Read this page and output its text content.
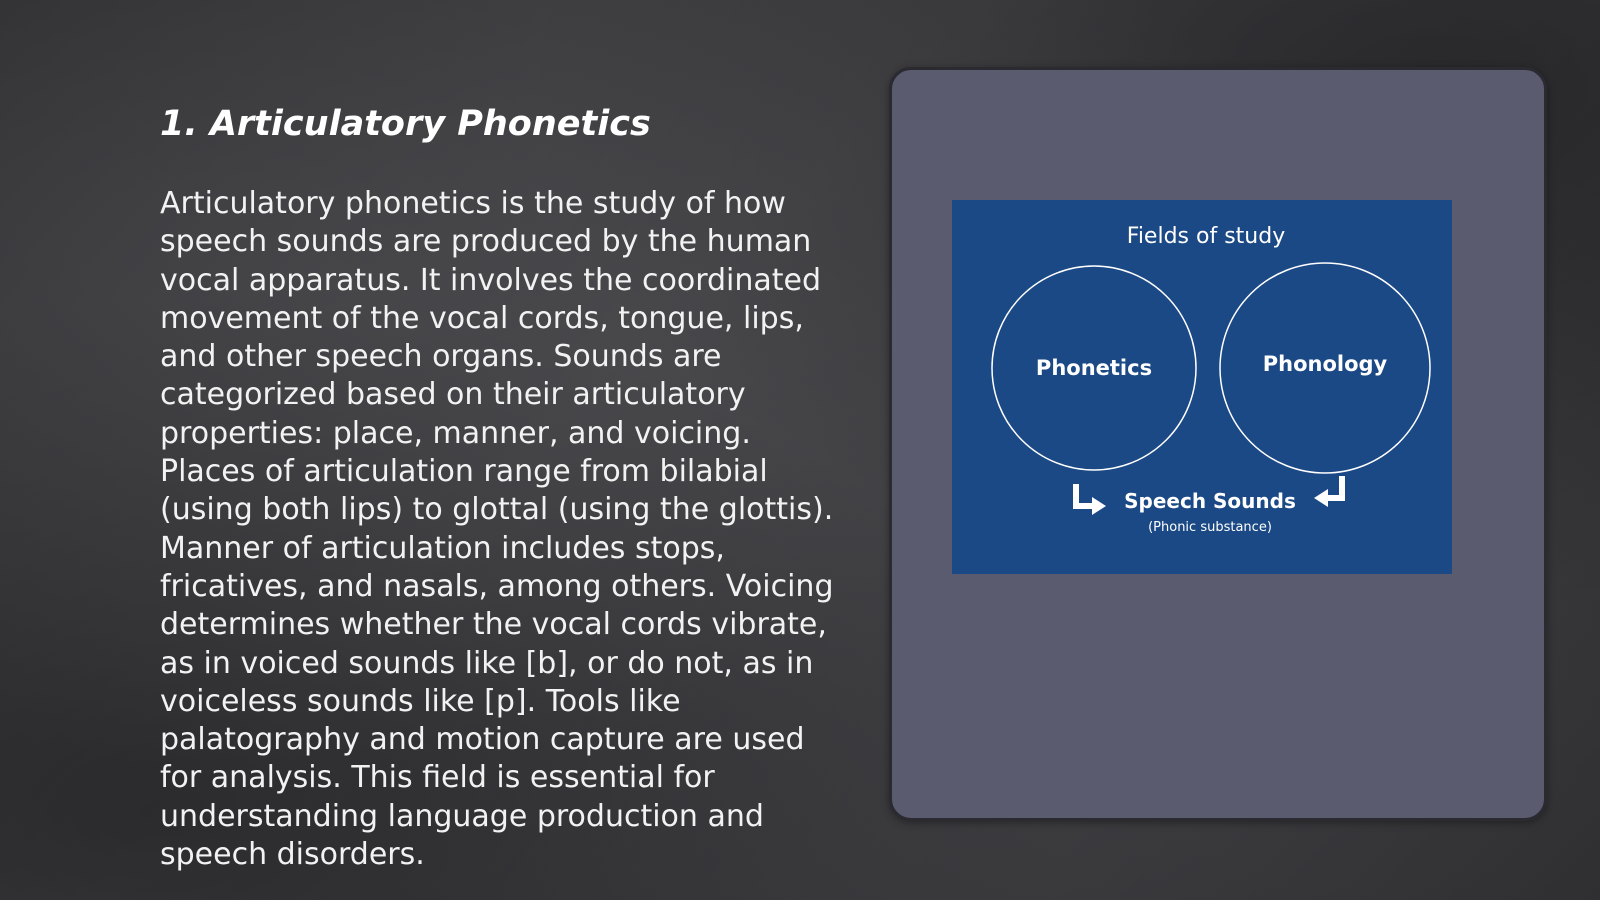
1. Articulatory Phonetics
Articulatory phonetics is the study of how
speech sounds are produced by the human
vocal apparatus. It involves the coordinated
movement of the vocal cords, tongue, lips,
and other speech organs. Sounds are
categorized based on their articulatory
properties: place, manner, and voicing.
Places of articulation range from bilabial
(using both lips) to glottal (using the glottis).
Manner of articulation includes stops,
fricatives, and nasals, among others. Voicing
determines whether the vocal cords vibrate,
as in voiced sounds like [b], or do not, as in
voiceless sounds like [p]. Tools like
palatography and motion capture are used
for analysis. This field is essential for
understanding language production and
speech disorders.
Fields of study
Phonetics	Phonology
Speech Sounds
(Phonic substance)
